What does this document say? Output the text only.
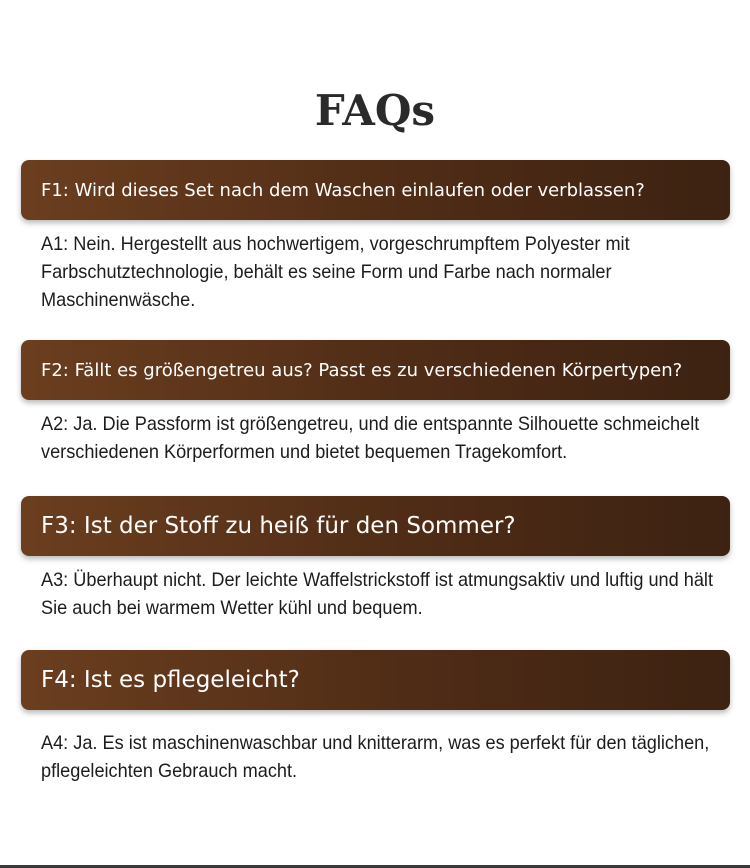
FAQs
F1: Wird dieses Set nach dem Waschen einlaufen oder verblassen?

A1: Nein. Hergestellt aus hochwertigem, vorgeschrumpftem Polyester mit Farbschutztechnologie, behält es seine Form und Farbe nach normaler Maschinenwäsche.

F2: Fällt es größengetreu aus? Passt es zu verschiedenen Körpertypen?

A2: Ja. Die Passform ist größengetreu, und die entspannte Silhouette schmeichelt verschiedenen Körperformen und bietet bequemen Tragekomfort.

F3: Ist der Stoff zu heiß für den Sommer?

A3: Überhaupt nicht. Der leichte Waffelstrickstoff ist atmungsaktiv und luftig und hält Sie auch bei warmem Wetter kühl und bequem.

F4: Ist es pflegeleicht?

A4: Ja. Es ist maschinenwaschbar und knitterarm, was es perfekt für den täglichen, pflegeleichten Gebrauch macht.
